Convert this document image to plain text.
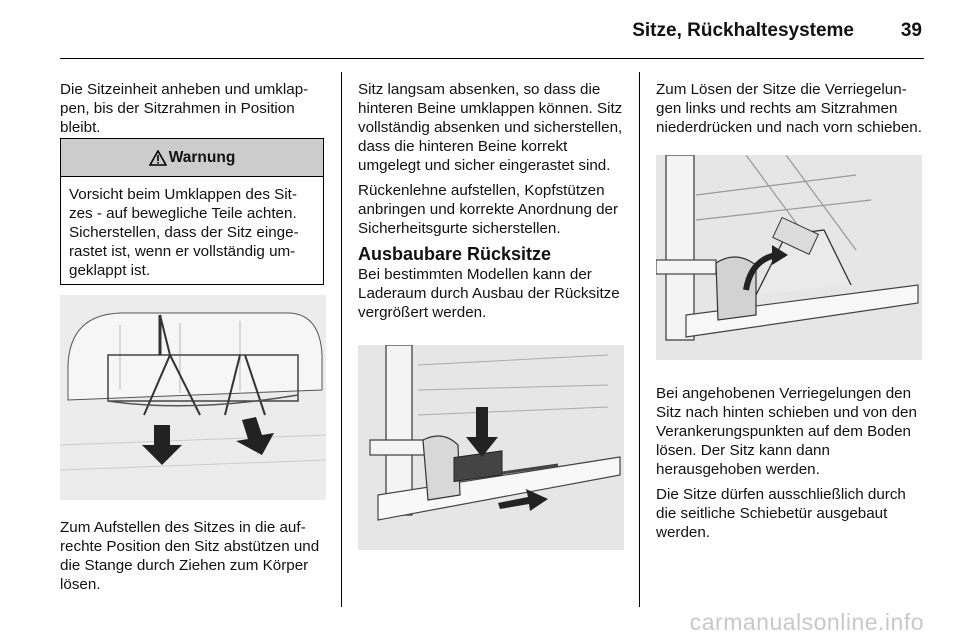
Sitze, Rückhaltesysteme 39

Die Sitzeinheit anheben und umklappen, bis der Sitzrahmen in Position bleibt.

Warnung
Vorsicht beim Umklappen des Sitzes - auf bewegliche Teile achten. Sicherstellen, dass der Sitz eingerastet ist, wenn er vollständig umgeklappt ist.

Zum Aufstellen des Sitzes in die aufrechte Position den Sitz abstützen und die Stange durch Ziehen zum Körper lösen.

Sitz langsam absenken, so dass die hinteren Beine umklappen können. Sitz vollständig absenken und sicherstellen, dass die hinteren Beine korrekt umgelegt und sicher eingerastet sind.

Rückenlehne aufstellen, Kopfstützen anbringen und korrekte Anordnung der Sicherheitsgurte sicherstellen.

Ausbaubare Rücksitze

Bei bestimmten Modellen kann der Laderaum durch Ausbau der Rücksitze vergrößert werden.

Zum Lösen der Sitze die Verriegelungen links und rechts am Sitzrahmen niederdrücken und nach vorn schieben.

Bei angehobenen Verriegelungen den Sitz nach hinten schieben und von den Verankerungspunkten auf dem Boden lösen. Der Sitz kann dann herausgehoben werden.

Die Sitze dürfen ausschließlich durch die seitliche Schiebetür ausgebaut werden.

carmanualsonline.info
